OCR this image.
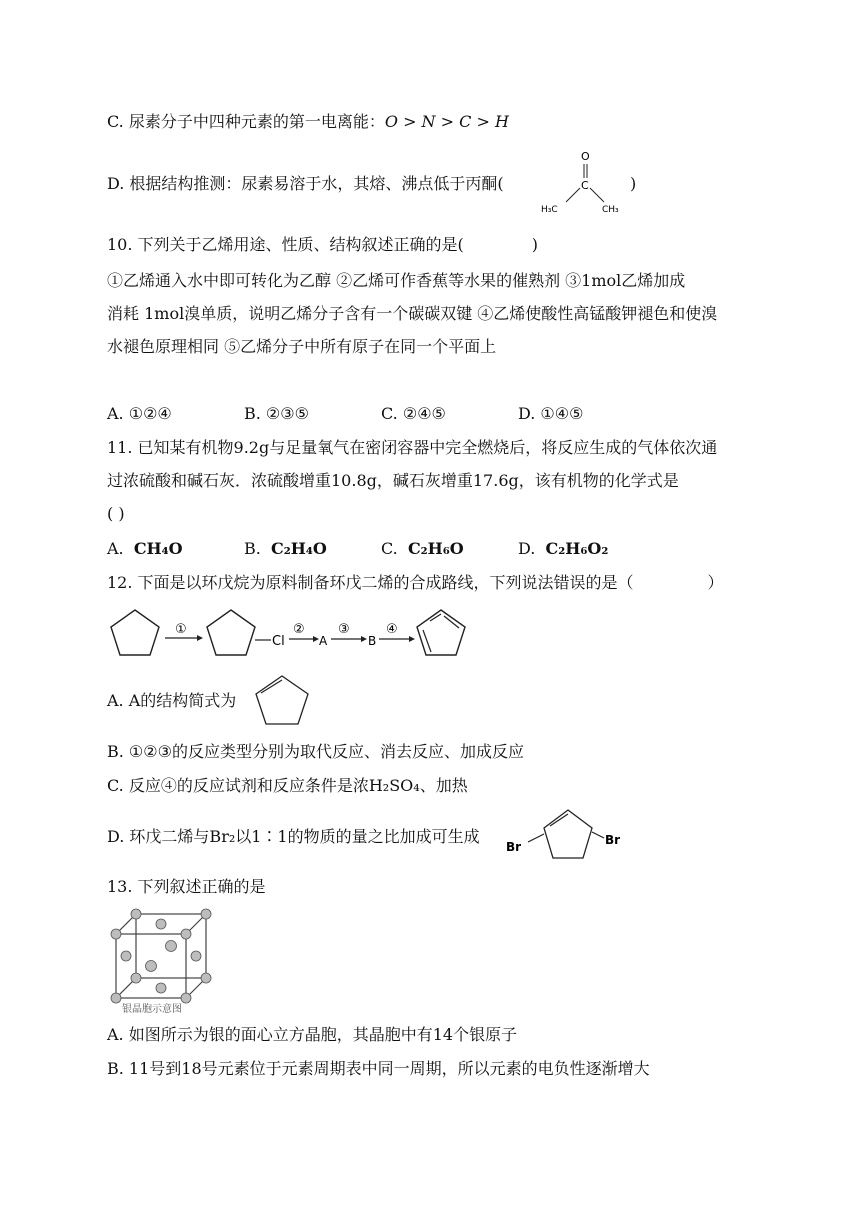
C. 尿素分子中四种元素的第一电离能：O > N > C > H
D. 根据结构推测：尿素易溶于水，其熔、沸点低于丙酮(
O
C
H₃C	CH₃
)
10. 下列关于乙烯用途、性质、结构叙述正确的是(	)
①乙烯通入水中即可转化为乙醇 ②乙烯可作香蕉等水果的催熟剂 ③1mol乙烯加成
消耗 1mol溴单质，说明乙烯分子含有一个碳碳双键 ④乙烯使酸性高锰酸钾褪色和使溴
水褪色原理相同 ⑤乙烯分子中所有原子在同一个平面上
A. ①②④	B. ②③⑤	C. ②④⑤	D. ①④⑤
11. 已知某有机物9.2g与足量氧气在密闭容器中完全燃烧后，将反应生成的气体依次通
过浓硫酸和碱石灰．浓硫酸增重10.8g，碱石灰增重17.6g，该有机物的化学式是
( )
A. CH₄O	B. C₂H₄O	C. C₂H₆O	D. C₂H₆O₂
12. 下面是以环戊烷为原料制备环戊二烯的合成路线，下列说法错误的是（	）
①
Cl
②
A
③
B
④
A. A的结构简式为
B. ①②③的反应类型分别为取代反应、消去反应、加成反应
C. 反应④的反应试剂和反应条件是浓H₂SO₄、加热
D. 环戊二烯与Br₂以1∶1的物质的量之比加成可生成
Br	Br
13. 下列叙述正确的是
银晶胞示意图
A. 如图所示为银的面心立方晶胞，其晶胞中有14个银原子
B. 11号到18号元素位于元素周期表中同一周期，所以元素的电负性逐渐增大
